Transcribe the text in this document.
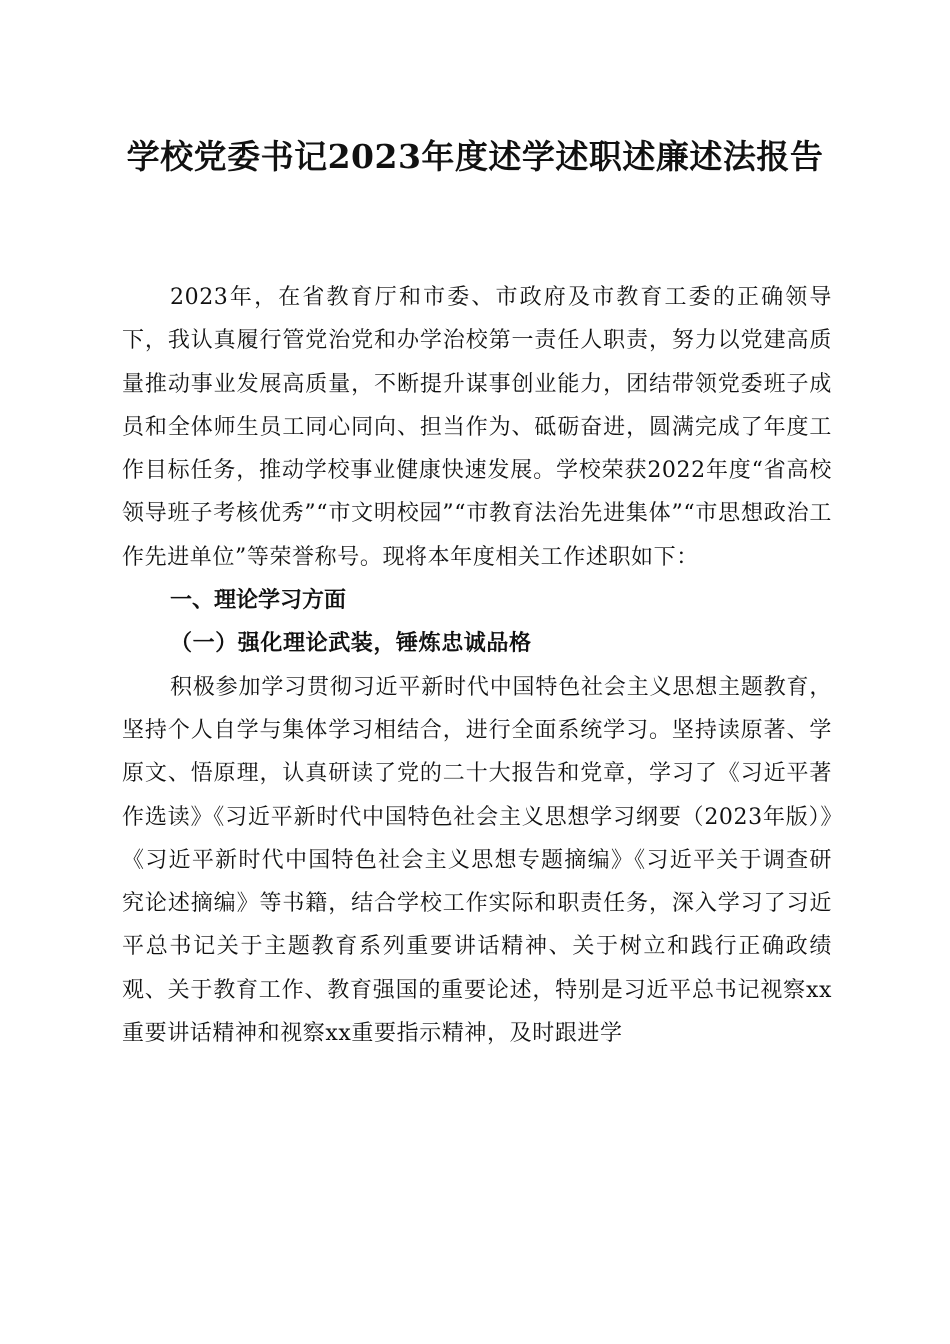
学校党委书记2023年度述学述职述廉述法报告

2023年，在省教育厅和市委、市政府及市教育工委的正确领导下，我认真履行管党治党和办学治校第一责任人职责，努力以党建高质量推动事业发展高质量，不断提升谋事创业能力，团结带领党委班子成员和全体师生员工同心同向、担当作为、砥砺奋进，圆满完成了年度工作目标任务，推动学校事业健康快速发展。学校荣获2022年度“省高校领导班子考核优秀”“市文明校园”“市教育法治先进集体”“市思想政治工作先进单位”等荣誉称号。现将本年度相关工作述职如下：

一、理论学习方面

（一）强化理论武装，锤炼忠诚品格

积极参加学习贯彻习近平新时代中国特色社会主义思想主题教育，坚持个人自学与集体学习相结合，进行全面系统学习。坚持读原著、学原文、悟原理，认真研读了党的二十大报告和党章，学习了《习近平著作选读》《习近平新时代中国特色社会主义思想学习纲要（2023年版）》《习近平新时代中国特色社会主义思想专题摘编》《习近平关于调查研究论述摘编》等书籍，结合学校工作实际和职责任务，深入学习了习近平总书记关于主题教育系列重要讲话精神、关于树立和践行正确政绩观、关于教育工作、教育强国的重要论述，特别是习近平总书记视察xx重要讲话精神和视察xx重要指示精神，及时跟进学
